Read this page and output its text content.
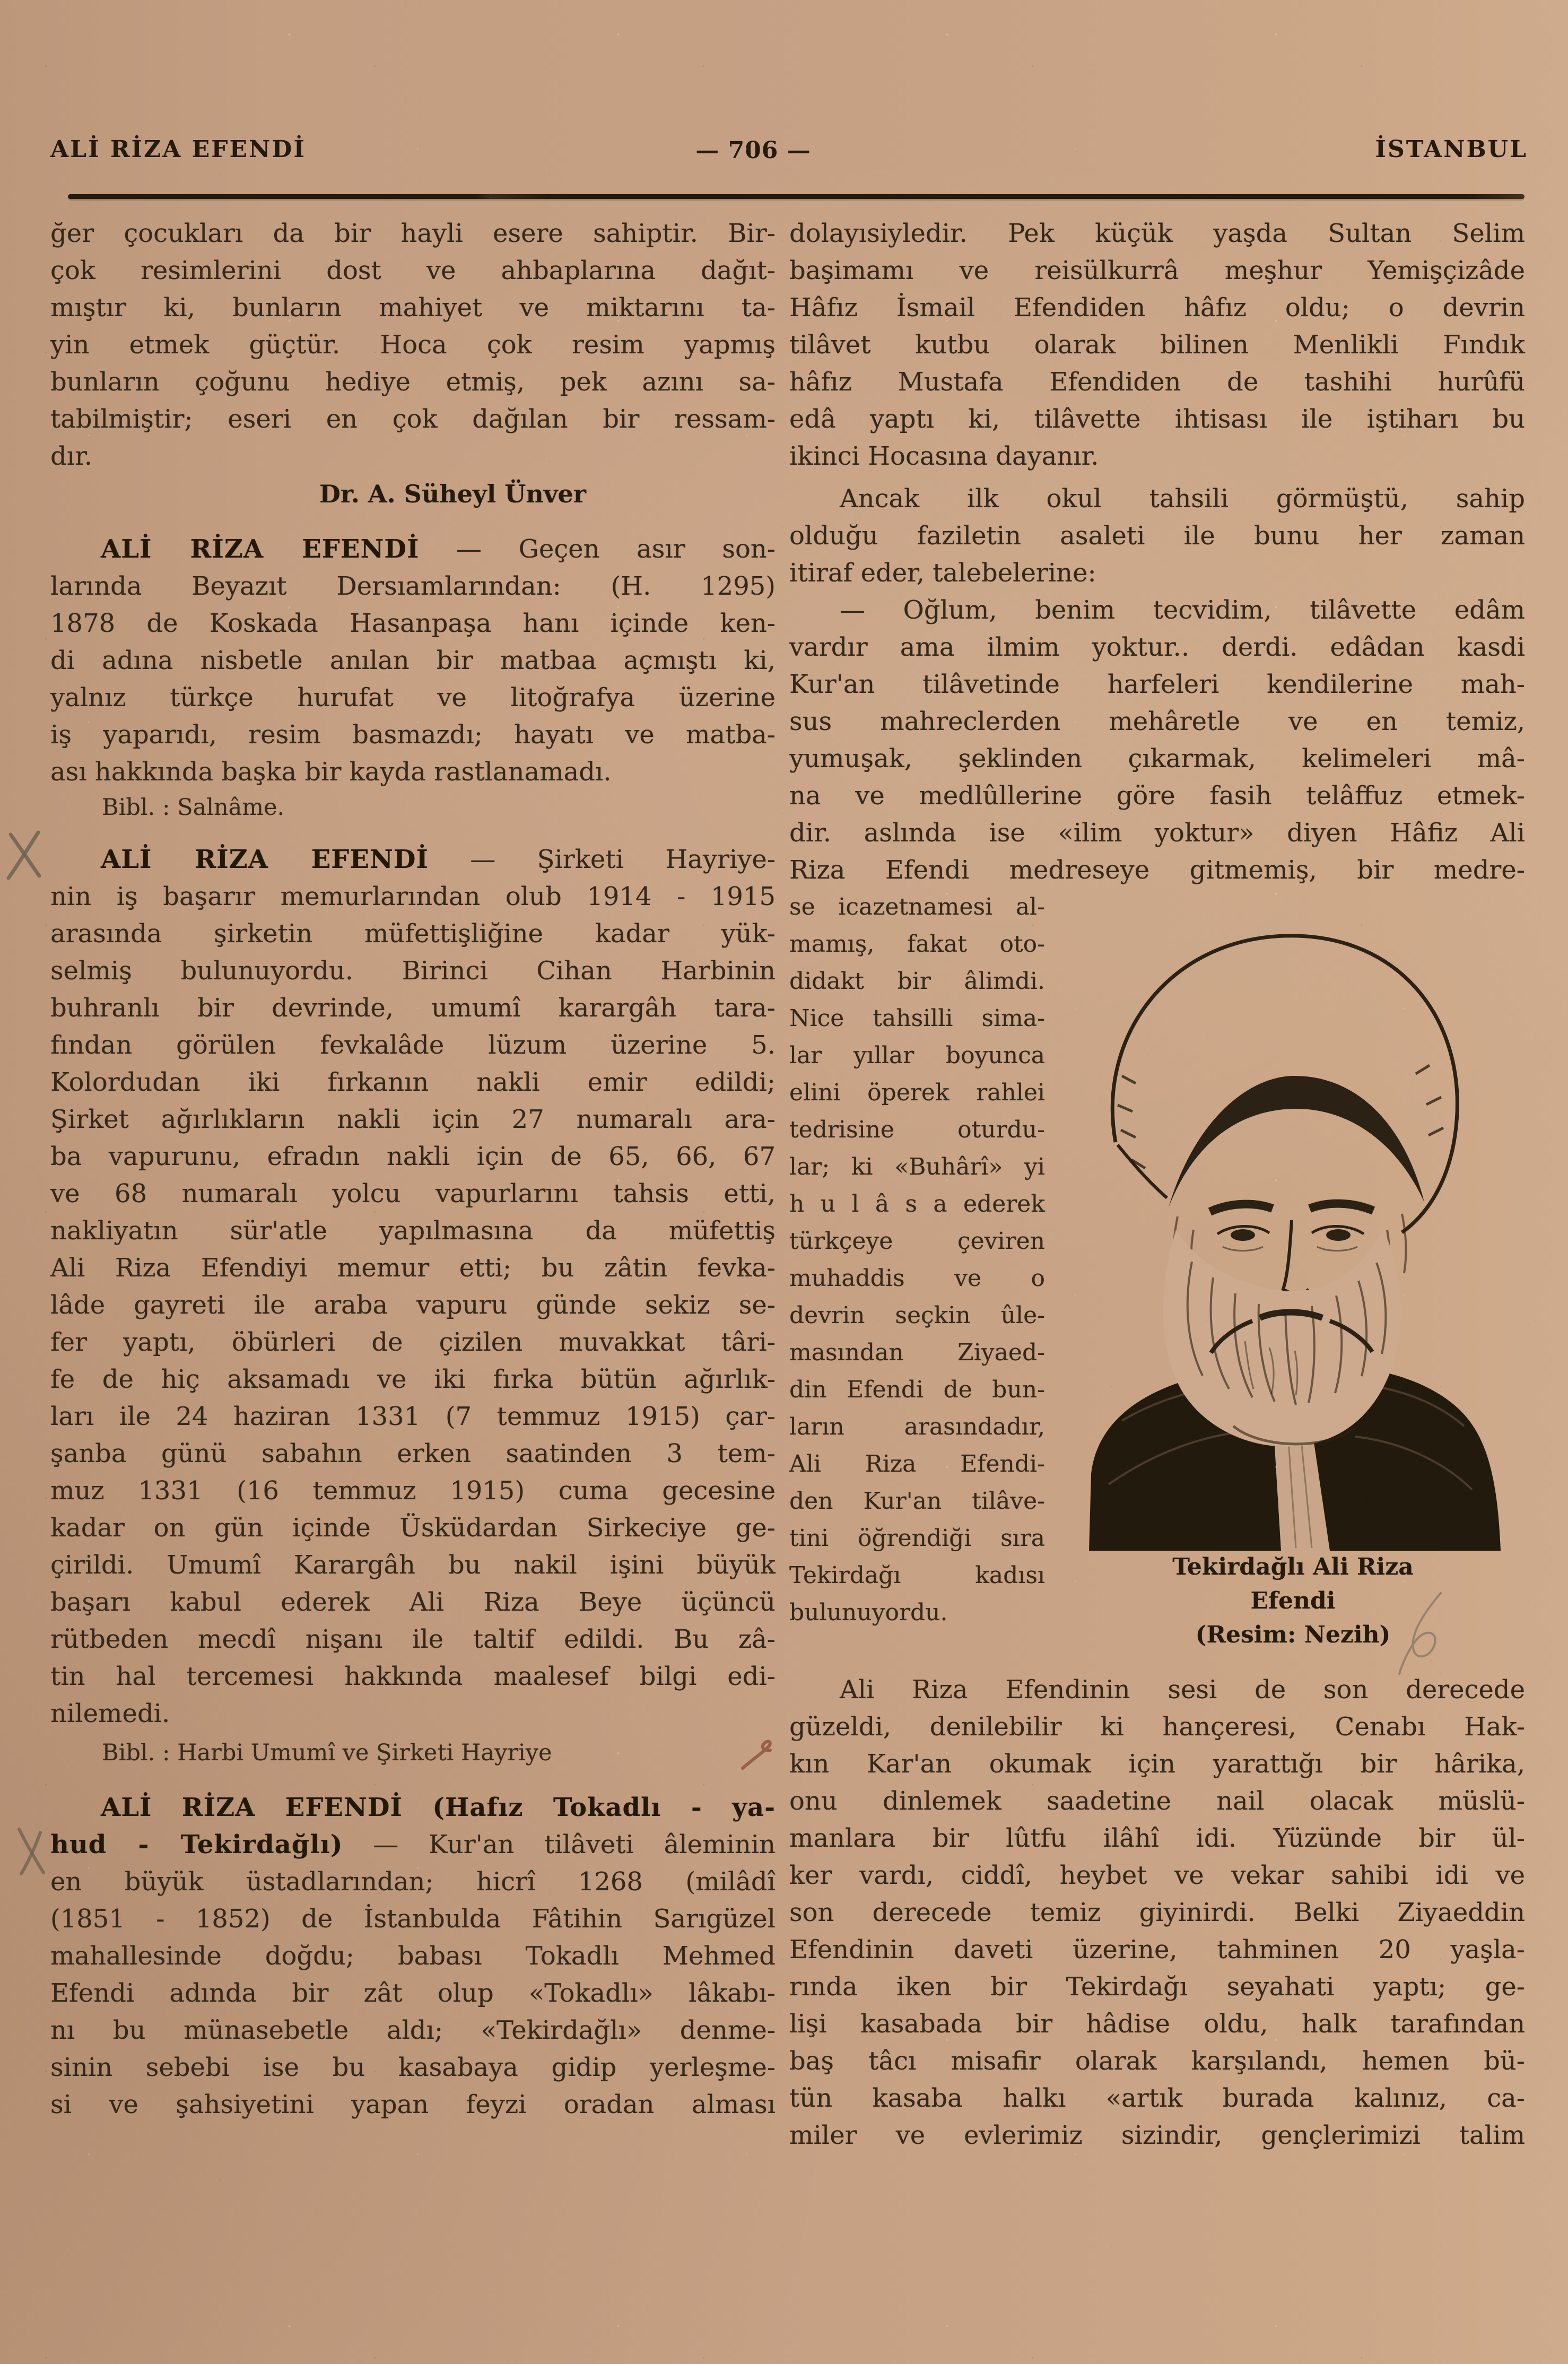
ALİ RİZA EFENDİ	— 706 —	İSTANBUL
ğer çocukları da bir hayli esere sahiptir. Bir-
çok resimlerini dost ve ahbaplarına dağıt-
mıştır ki, bunların mahiyet ve miktarını ta-
yin etmek güçtür. Hoca çok resim yapmış
bunların çoğunu hediye etmiş, pek azını sa-
tabilmiştir; eseri en çok dağılan bir ressam-
dır.
Dr. A. Süheyl Ünver
ALİ RİZA EFENDİ — Geçen asır son-
larında Beyazıt Dersıamlarından: (H. 1295)
1878 de Koskada Hasanpaşa hanı içinde ken-
di adına nisbetle anılan bir matbaa açmıştı ki,
yalnız türkçe hurufat ve litoğrafya üzerine
iş yaparıdı, resim basmazdı; hayatı ve matba-
ası hakkında başka bir kayda rastlanamadı.
Bibl. : Salnâme.
ALİ RİZA EFENDİ — Şirketi Hayriye-
nin iş başarır memurlarından olub 1914 - 1915
arasında şirketin müfettişliğine kadar yük-
selmiş bulunuyordu. Birinci Cihan Harbinin
buhranlı bir devrinde, umumî karargâh tara-
fından görülen fevkalâde lüzum üzerine 5.
Kolordudan iki fırkanın nakli emir edildi;
Şirket ağırlıkların nakli için 27 numaralı ara-
ba vapurunu, efradın nakli için de 65, 66, 67
ve 68 numaralı yolcu vapurlarını tahsis etti,
nakliyatın sür'atle yapılmasına da müfettiş
Ali Riza Efendiyi memur etti; bu zâtin fevka-
lâde gayreti ile araba vapuru günde sekiz se-
fer yaptı, öbürleri de çizilen muvakkat târi-
fe de hiç aksamadı ve iki fırka bütün ağırlık-
ları ile 24 haziran 1331 (7 temmuz 1915) çar-
şanba günü sabahın erken saatinden 3 tem-
muz 1331 (16 temmuz 1915) cuma gecesine
kadar on gün içinde Üsküdardan Sirkeciye ge-
çirildi. Umumî Karargâh bu nakil işini büyük
başarı kabul ederek Ali Riza Beye üçüncü
rütbeden mecdî nişanı ile taltif edildi. Bu zâ-
tin hal tercemesi hakkında maalesef bilgi edi-
nilemedi.
Bibl. : Harbi Umumî ve Şirketi Hayriye
ALİ RİZA EFENDİ (Hafız Tokadlı - ya-
hud - Tekirdağlı) — Kur'an tilâveti âleminin
en büyük üstadlarından; hicrî 1268 (milâdî
(1851 - 1852) de İstanbulda Fâtihin Sarıgüzel
mahallesinde doğdu; babası Tokadlı Mehmed
Efendi adında bir zât olup «Tokadlı» lâkabı-
nı bu münasebetle aldı; «Tekirdağlı» denme-
sinin sebebi ise bu kasabaya gidip yerleşme-
si ve şahsiyetini yapan feyzi oradan alması
dolayısiyledir. Pek küçük yaşda Sultan Selim
başimamı ve reisülkurrâ meşhur Yemişçizâde
Hâfız İsmail Efendiden hâfız oldu; o devrin
tilâvet kutbu olarak bilinen Menlikli Fındık
hâfız Mustafa Efendiden de tashihi hurûfü
edâ yaptı ki, tilâvette ihtisası ile iştiharı bu
ikinci Hocasına dayanır.
Ancak ilk okul tahsili görmüştü, sahip
olduğu faziletin asaleti ile bunu her zaman
itiraf eder, talebelerine:
— Oğlum, benim tecvidim, tilâvette edâm
vardır ama ilmim yoktur.. derdi. edâdan kasdi
Kur'an tilâvetinde harfeleri kendilerine mah-
sus mahreclerden mehâretle ve en temiz,
yumuşak, şeklinden çıkarmak, kelimeleri mâ-
na ve medlûllerine göre fasih telâffuz etmek-
dir. aslında ise «ilim yoktur» diyen Hâfiz Ali
Riza Efendi medreseye gitmemiş, bir medre-
se icazetnamesi al-
mamış, fakat oto-
didakt bir âlimdi.
Nice tahsilli sima-
lar yıllar boyunca
elini öperek rahlei
tedrisine oturdu-
lar; ki «Buhârî» yi
h u l â s a ederek
türkçeye çeviren
muhaddis ve o
devrin seçkin ûle-
masından Ziyaed-
din Efendi de bun-
ların arasındadır,
Ali Riza Efendi-
den Kur'an tilâve-
tini öğrendiği sıra
Tekirdağı kadısı
bulunuyordu.
Tekirdağlı Ali Riza
Efendi
(Resim: Nezih)
Ali Riza Efendinin sesi de son derecede
güzeldi, denilebilir ki hançeresi, Cenabı Hak-
kın Kar'an okumak için yarattığı bir hârika,
onu dinlemek saadetine nail olacak müslü-
manlara bir lûtfu ilâhî idi. Yüzünde bir ül-
ker vardı, ciddî, heybet ve vekar sahibi idi ve
son derecede temiz giyinirdi. Belki Ziyaeddin
Efendinin daveti üzerine, tahminen 20 yaşla-
rında iken bir Tekirdağı seyahati yaptı; ge-
lişi kasabada bir hâdise oldu, halk tarafından
baş tâcı misafir olarak karşılandı, hemen bü-
tün kasaba halkı «artık burada kalınız, ca-
miler ve evlerimiz sizindir, gençlerimizi talim
